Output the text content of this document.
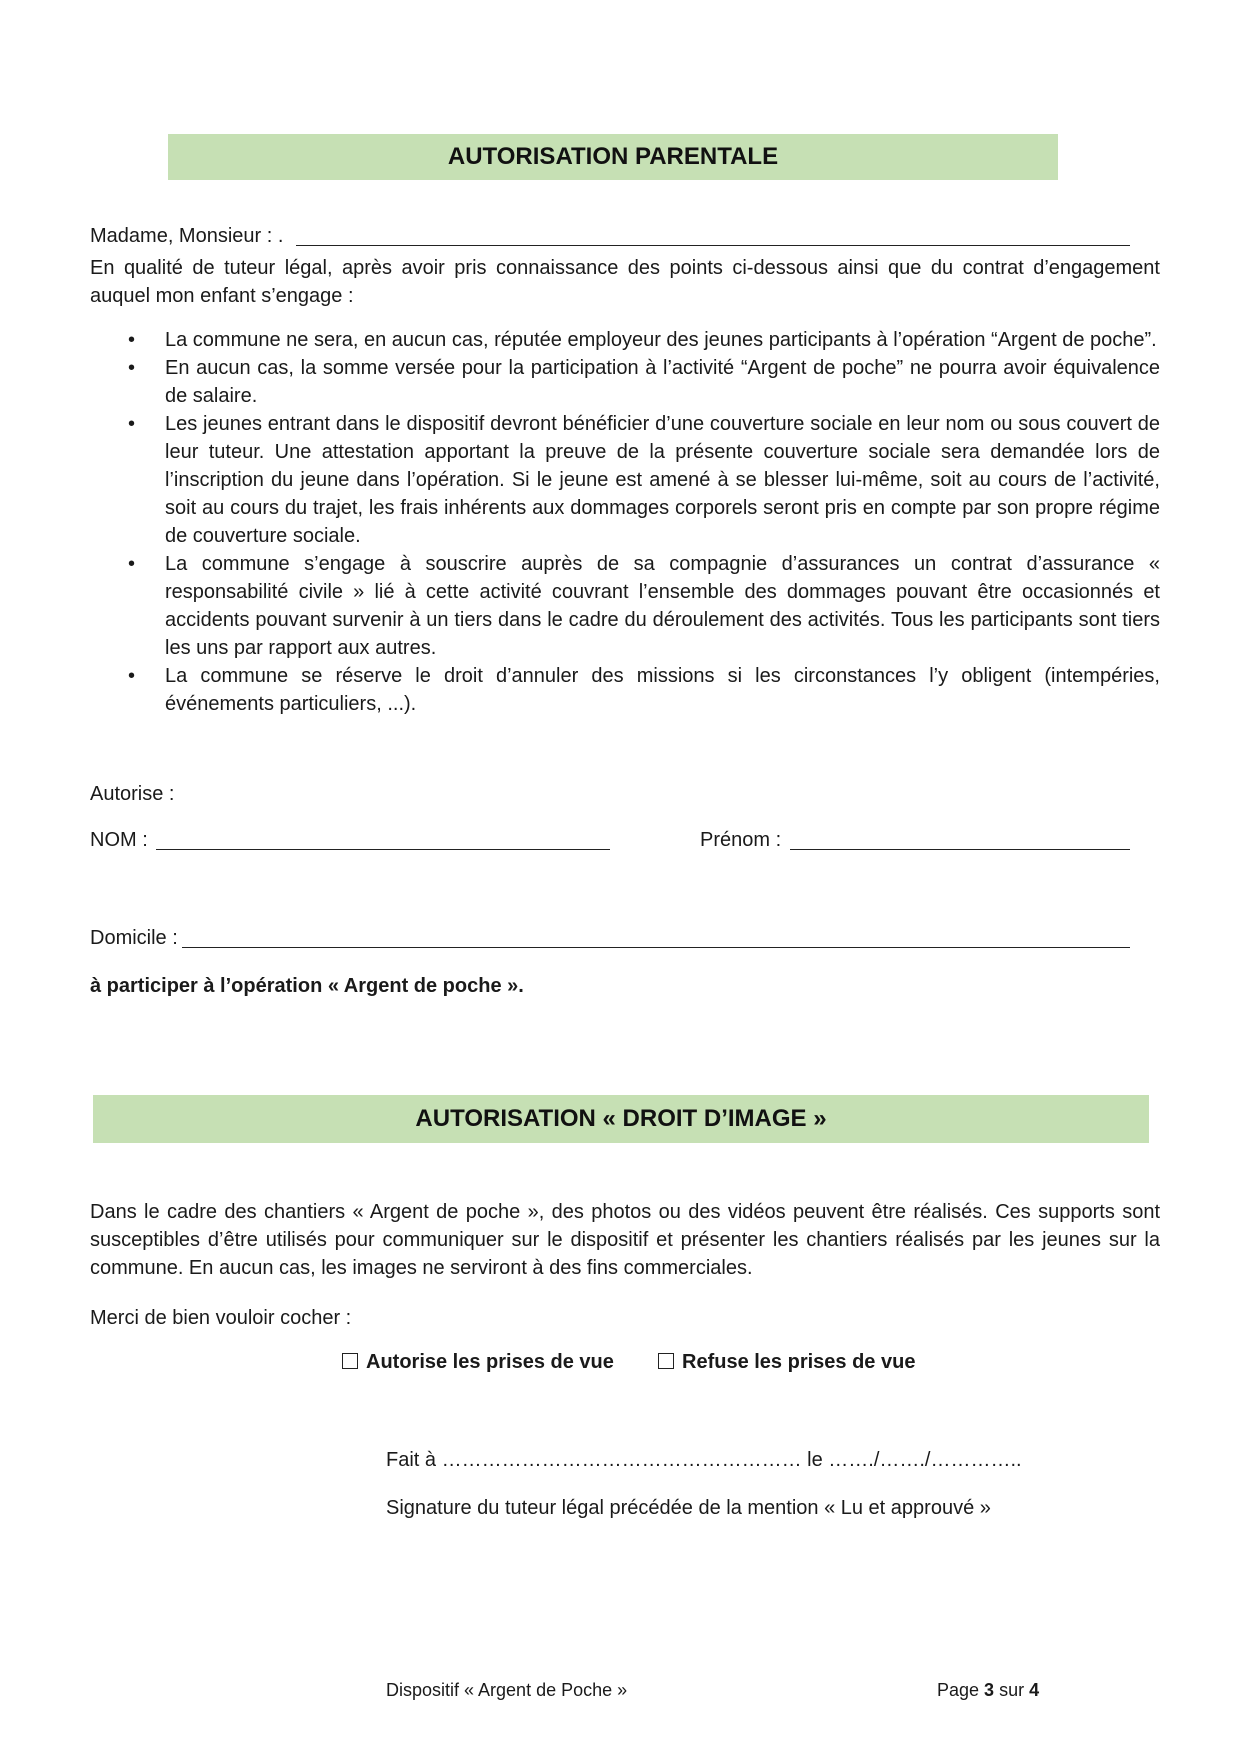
AUTORISATION PARENTALE
Madame, Monsieur : .
En qualité de tuteur légal, après avoir pris connaissance des points ci-dessous ainsi que du contrat d’engagement auquel mon enfant s’engage :
• La commune ne sera, en aucun cas, réputée employeur des jeunes participants à l’opération “Argent de poche”.
• En aucun cas, la somme versée pour la participation à l’activité “Argent de poche” ne pourra avoir équivalence de salaire.
• Les jeunes entrant dans le dispositif devront bénéficier d’une couverture sociale en leur nom ou sous couvert de leur tuteur. Une attestation apportant la preuve de la présente couverture sociale sera demandée lors de l’inscription du jeune dans l’opération. Si le jeune est amené à se blesser lui-même, soit au cours de l’activité, soit au cours du trajet, les frais inhérents aux dommages corporels seront pris en compte par son propre régime de couverture sociale.
• La commune s’engage à souscrire auprès de sa compagnie d’assurances un contrat d’assurance « responsabilité civile » lié à cette activité couvrant l’ensemble des dommages pouvant être occasionnés et accidents pouvant survenir à un tiers dans le cadre du déroulement des activités. Tous les participants sont tiers les uns par rapport aux autres.
• La commune se réserve le droit d’annuler des missions si les circonstances l’y obligent (intempéries, événements particuliers, ...).
Autorise :
NOM :	Prénom :
Domicile :
à participer à l’opération « Argent de poche ».
AUTORISATION « DROIT D’IMAGE »
Dans le cadre des chantiers « Argent de poche », des photos ou des vidéos peuvent être réalisés. Ces supports sont susceptibles d’être utilisés pour communiquer sur le dispositif et présenter les chantiers réalisés par les jeunes sur la commune. En aucun cas, les images ne serviront à des fins commerciales.
Merci de bien vouloir cocher :
Autorise les prises de vue	Refuse les prises de vue
Fait à ……………………………………………… le ……./……./…………..
Signature du tuteur légal précédée de la mention « Lu et approuvé »
Dispositif « Argent de Poche »	Page 3 sur 4
